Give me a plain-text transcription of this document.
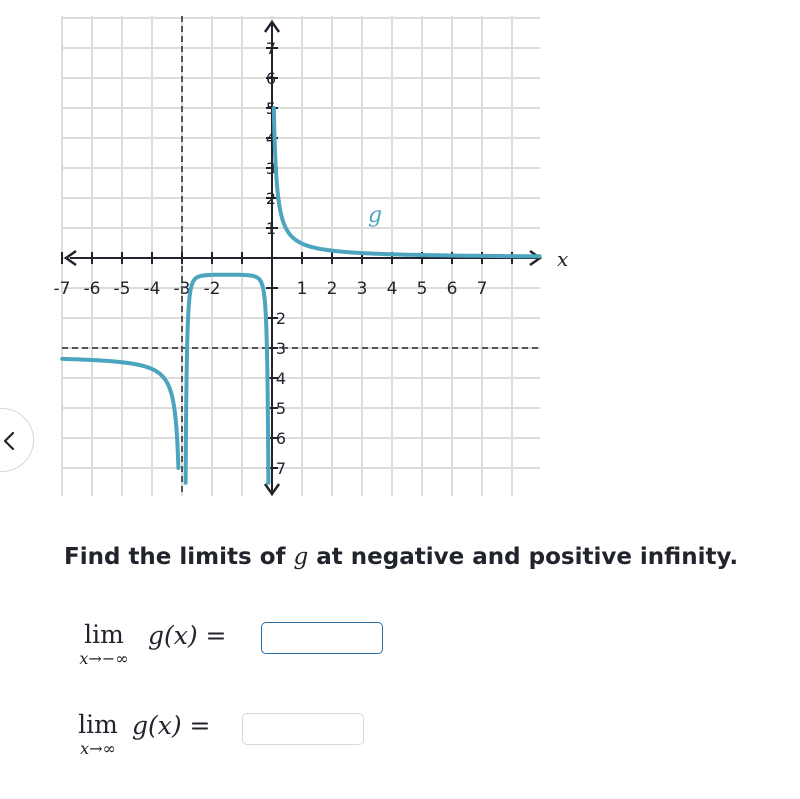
-7 -6 -5 -4 -3 -2	1 2 3 4 5 6 7
7
6
5
4
3
2
1
2
3
4
5
6
7
x
g

Find the limits of g at negative and positive infinity.

lim
x→−∞
g(x) =
lim
x→∞
g(x) =
